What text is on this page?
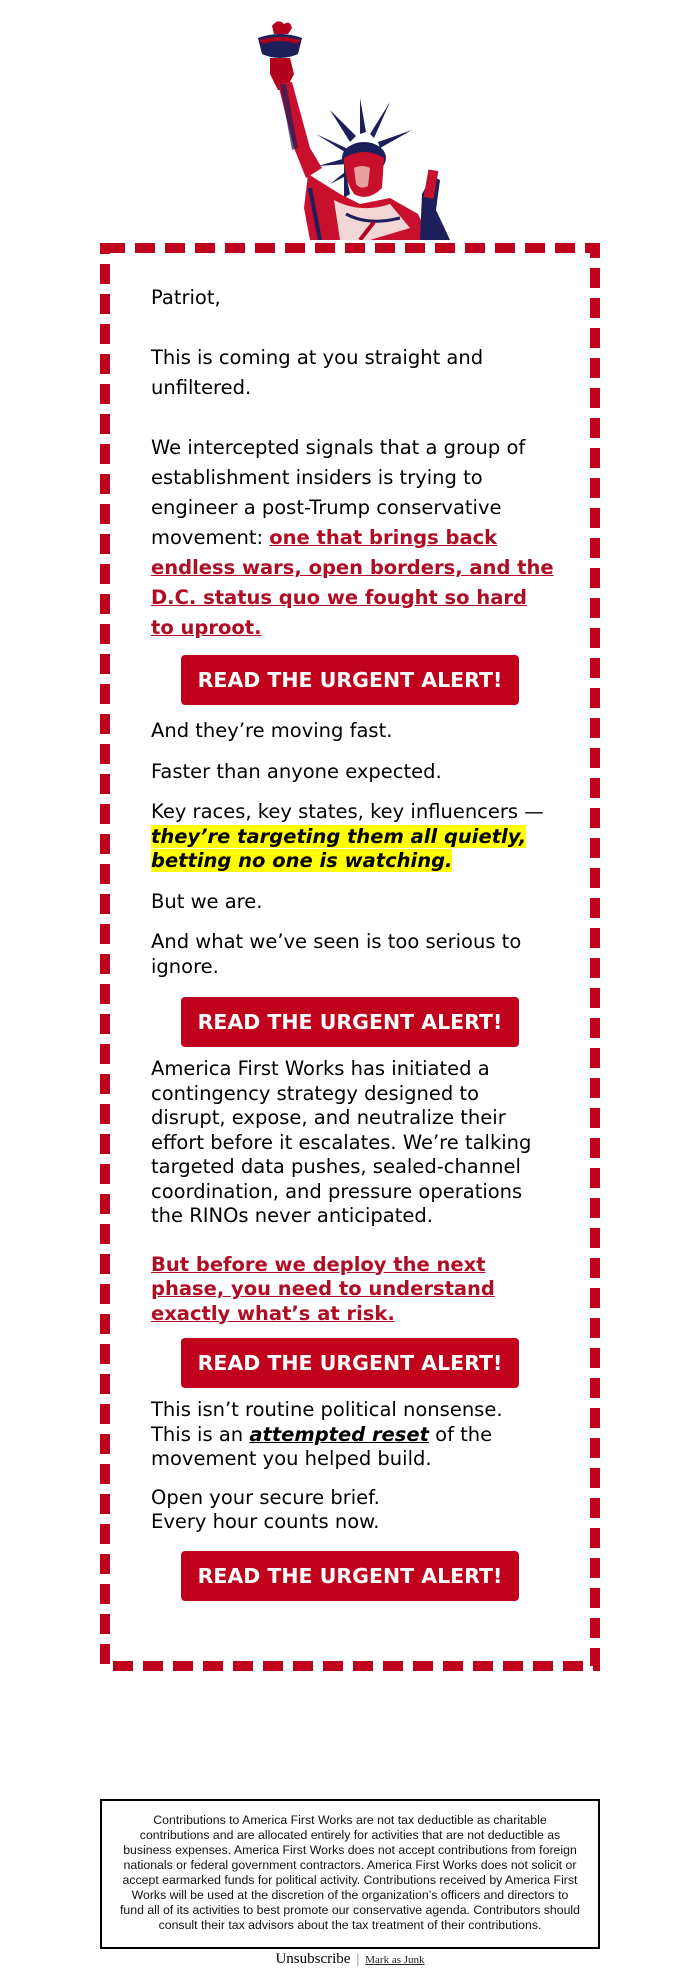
Patriot,

This is coming at you straight and unfiltered.

We intercepted signals that a group of establishment insiders is trying to engineer a post-Trump conservative movement: one that brings back endless wars, open borders, and the D.C. status quo we fought so hard to uproot.

READ THE URGENT ALERT!

And they’re moving fast.

Faster than anyone expected.

Key races, key states, key influencers — they’re targeting them all quietly, betting no one is watching.

But we are.

And what we’ve seen is too serious to ignore.

READ THE URGENT ALERT!

America First Works has initiated a contingency strategy designed to disrupt, expose, and neutralize their effort before it escalates. We’re talking targeted data pushes, sealed-channel coordination, and pressure operations the RINOs never anticipated.

But before we deploy the next phase, you need to understand exactly what’s at risk.

READ THE URGENT ALERT!

This isn’t routine political nonsense.
This is an attempted reset of the movement you helped build.

Open your secure brief.
Every hour counts now.

READ THE URGENT ALERT!
Contributions to America First Works are not tax deductible as charitable contributions and are allocated entirely for activities that are not deductible as business expenses. America First Works does not accept contributions from foreign nationals or federal government contractors. America First Works does not solicit or accept earmarked funds for political activity. Contributions received by America First Works will be used at the discretion of the organization’s officers and directors to fund all of its activities to best promote our conservative agenda. Contributors should consult their tax advisors about the tax treatment of their contributions.
Unsubscribe | Mark as Junk
